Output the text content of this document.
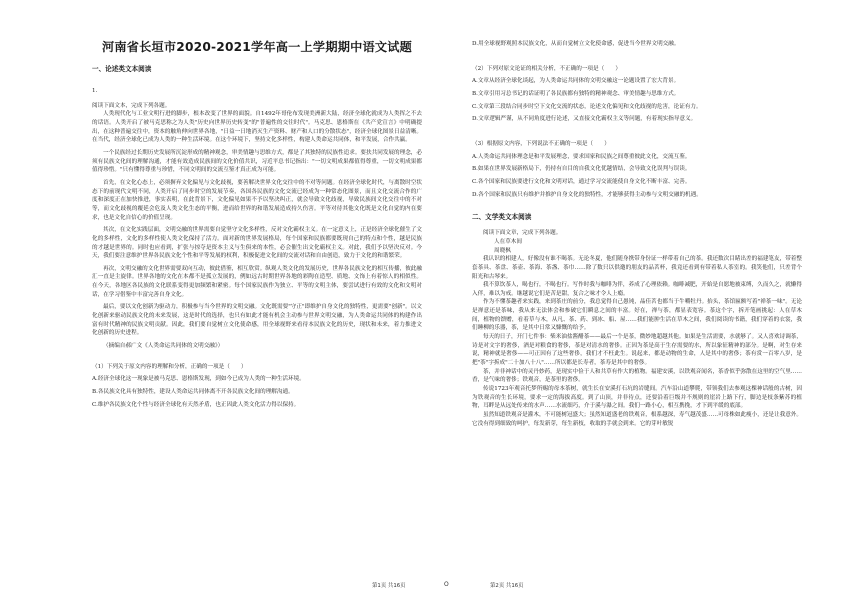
河南省长垣市2020-2021学年高一上学期期中语文试题
一、论述类文本阅读

1.

阅读下面文本，完成下列各题。

人类现代化与工业文明行进的脚步，根本改变了世界的面貌。自1492年哥伦布发现美洲新大陆，经济全球化就成为人类挥之不去的话语。人类开启了被马克思称之为人类"历史向世界历史转变"的"普遍性的交往时代"。马克思、恩格斯在《共产党宣言》中明确提出，在这种普遍交往中，资本的触角伸向世界各地，"日益一日地消灭生产资料、财产和人口的分散状态"，经济全球化图景日益清晰。在当代，经济全球化已成为人类的一种生活环境。在这个环境下，坚持文化多样性，构建人类命运共同体，和平发展，合作共赢。

一个民族经过长期历史发展所沉淀形成的精神观念，审美情趣与思维方式，都是了其独特的民族性追求。要扶共同发展的理念，必须有民族文化间的理解沟通，才能有效造成民族间的文化价值共识，习近平总书记指出："一切文明成果都值得尊重，一切文明成果都值得珍惜。"只有懂得尊重与珍惜，不同文明间的交流互鉴才真正成为可能。

首先，在文化心态上，必须摒弃文化偏见与文化歧视，要善解决世界文化交往中的不对等问题。在经济全球化时代，与离散时空状态下的前现代文明不同，人类开启了同步时空的发展节奏，各国各民族的文化交流已经成为一种常态化图景，而且文化交流合作的广度和深度正在加快推进，事实表明，在此背景下，文化偏见如果不予以坚决纠正，就会导致文化歧视，导致民族间文化交往中的不对等，而文化歧视的覆延会危及人类文化生态的平衡，进而给世界的和谐发展造成持久伤害。平等对待其他文化既是文化自觉的内在要求，也是文化自信心的价值呈现。

其次，在文化实践层面，文明交融的世界需要自觉坚守文化多样性，反对文化霸权主义。在一定意义上，正是经济全球化催生了文化的多样性，文化的多样性使人类文化保持了活力。面对新的世界发展格局，每个国家和民族都要既现自己的特点和个性，越是民族的才越是世界的。同时也应看到，扩张与掠夺是资本主义与生俱来的本性，必会催生出文化霸权主义。对此，我们予以坚决反对。今天，我们要注意维护世界各民族文化个性和平等发展的权利，积极促进文化间的交流对话和自由创造，致力于文化的和谐繁荣。

再次，文明交融的文化世界需要双向互动，彼此借鉴，相互欣赏。纵观人类文化的发展历史，世界各民族文化的相互传播，彼此融汇一直是主旋律。世界各地的文化在本都不是孤立发展的，例如远古时期世界各地的彩陶在造型、质地、文饰上有着惊人的相似性。在今天，各地区各民族的文化联系变得更加频繁和紧密。每个国家民族作为独立、平等的文明主体，要尝试进行有效的文化和文明对话，在学习借鉴中丰富完善自身文化。

最后，要以文化创新为驱动力，积极参与当今世界的文明交融。文化既需要"守正"即维护自身文化的独特性，更需要"创新"。以文化创新来驱动民族文化的未来发展，这是时代的选择，也只有如此才能有机会主动参与世界文明交融，为人类命运共同体的构建作出富有时代精神的民族文明贡献。因此，我们要自觉树立文化使命感，用全球视野来看待本民族文化的历史，现状和未来，着力推进文化创新的历史进程。

（摘编自郝广文《人类命运共同体的文明交融》）

（1）下列关于原文内容的理解和分析，正确的一项是（　　）

A.经济全球化这一现象是被马克思、恩格斯发现，到如今已成为人类的一种生活环境。

B.各民族文化具有独特性，建设人类命运共同体离不开各民族文化间的理解沟通。

C.维护各民族文化个性与经济全球化有天然矛盾，也正因此人类文化活力得以保持。

D.用全球视野观照本民族文化，从而自觉树立文化使命感，促进当今世界文明交融。

（2）下列对原文论证的相关分析，不正确的一项是（　　）

A.文章从经济全球化谈起，为人类命运共同体的文明交融这一论题设置了宏大背景。

B.文章引用习总书记的话证明了各民族都有独特的精神观念、审美情趣与思维方式。

C.文章第三段结合同步时空下文化交流的状态，论述文化偏见和文化歧视的危害，论证有力。

D.文章逻辑严谨，从不同角度进行论述，又直接文化霸权主义等问题，有着现实指导意义。

（3）根据原文内容，下列说法不正确的一项是（　　）

A.人类命运共同体理念是和平发展理念，要求国家和民族之间尊重彼此文化，交流互鉴。

B.如果在世界发展新格局下，仍持有自目的自我文化优越情结，会导致文化误判与误读。

C.各个国家和民族要进行文化和文明对话，通过学习交流能使自身文化不断丰富、完善。

D.各个国家和民族只有维护并推护自身文化的独特性，才能够获得主动参与文明交融的机遇。

二、文学类文本阅读

阅读下面文章，完成下列各题。

人在草木间

周晓枫

我认识的相建人，好像没有谁不喝茶。无论冬夏，他们随身携带身份证一样带着自己的茶。我还数次目睹出差的福建笔友，带着整套茶具、茶盘、茶壶、茶海、茶盏、茶巾……除了数只以供邀的朋友的品茗杯，我竟还看到有带着私人茶室的。我笑他们，只差背个阳光和古琴来。

我不算饮茶人，喝也行，不喝也行。写作时我与咖啡为伴，养成了心理依赖。咖啡减肥，开始是自愿地被束缚，久而久之，就懒得入伴，难以为戒。继越说它们是苦是甜，复合之味才令人上瘾。

作为不懂茶趣者来实践，来到茶庄的前分，我总觉得自己愚钝，晶佳茗也都当于牛嚼牡丹。抬头，茶馆匾额写着"禅茶一味"。无论是禅意还是茶味，我从来无法体会和参破它们瞬息之间的丰富。好在，禅与茶，都显表宽容。茶这个字，拆开笔画挑起：人在草木间，植物的馈赠，看着草与木，从凡、茶、药、到冰、船、屋……我们能肿生活在草木之间，我们阅读的书籍，我们穿着的衣裳，我们睡柳的乐器，茶，是其中日常又慷慨的给予。

每天的日子，开门七件事：柴米油盐酱醋茶——最后一个是茶，微妙地超越其他。如果是生活需要，水就够了。又人喜欢诗调茶，诗是对文字的奢侈，酒是对粮食的奢侈，茶是对清水的奢侈。正因为茶是高于生存需要的水，所以象征精神的部分。是啊，对生存来说，精神就是奢侈——可正因有了这些奢侈，我们才不枉此生。说起来，都是动物的生命，人是其中的奢侈；茶有赏一百零八岁，是把"茶"字拆成"二十加八十八"……所以都是长寿者，茶寿是其中的奢侈。

茶，并非神话中的灵丹妙药，是现实中俭于人和共草有作大的植物。福建安溪，以铁观音闻名，茶香似乎弥散在这里的空气里……香，是气味的奢侈；铁观音，是茶里的奢侈。

传说1723年观音托梦所赐的母本茶树，就生长在安溪打石坑的岩缝间。汽车沿山道攀爬，带领我们去参观这棵神话般的古树，因为铁观音的生长环境，要求一定的海拔高度。到了山顶，并非待点，还要沿着巨级并不规则的崖岩上路下行，脚边是枝条紫苏的植物，耳畔是从远处传来的水声……水流细巧，介于溪与瀑之间。我们一路小心，相互携挽，才下到平缓的底部。

虽然知道铁观音是灌木，不可能树冠盛大；虽然知道盛老的铁观音，根系越深，寿气越茂盛……可母株如此瘦小，还是让我意外。它没有得到细致的呵护，每发新芽，每生新枝，收取的手就会到来。它的芽叶敏锐

第1页 共16页	O	第2页 共16页
